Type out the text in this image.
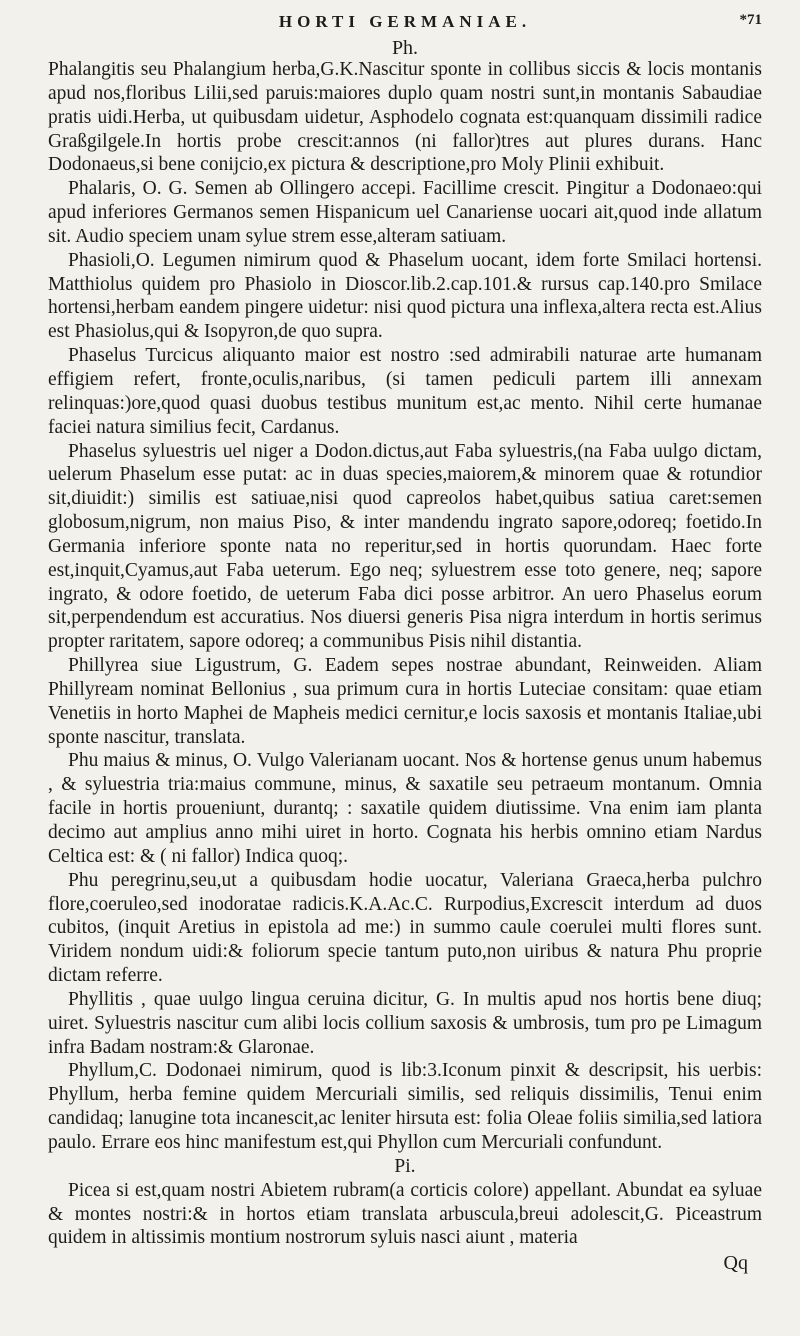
HORTI GERMANIAE.	*71
Ph.

Phalangitis seu Phalangium herba,G.K.Nascitur sponte in collibus siccis & locis montanis apud nos,floribus Lilii,sed paruis:maiores duplo quam nostri sunt,in montanis Sabaudiae pratis uidi.Herba, ut quibusdam uidetur, Asphodelo cognata est:quanquam dissimili radice Graßgilgele.In hortis probe crescit:annos (ni fallor)tres aut plures durans. Hanc Dodonaeus,si bene conijcio,ex pictura & descriptione,pro Moly Plinii exhibuit.

Phalaris, O. G. Semen ab Ollingero accepi. Facillime crescit. Pingitur a Dodonaeo:qui apud inferiores Germanos semen Hispanicum uel Canariense uocari ait,quod inde allatum sit. Audio speciem unam sylue strem esse,alteram satiuam.

Phasioli,O. Legumen nimirum quod & Phaselum uocant, idem forte Smilaci hortensi. Matthiolus quidem pro Phasiolo in Dioscor.lib.2.cap.101.& rursus cap.140.pro Smilace hortensi,herbam eandem pingere uidetur: nisi quod pictura una inflexa,altera recta est.Alius est Phasiolus,qui & Isopyron,de quo supra.

Phaselus Turcicus aliquanto maior est nostro :sed admirabili naturae arte humanam effigiem refert, fronte,oculis,naribus, (si tamen pediculi partem illi annexam relinquas:)ore,quod quasi duobus testibus munitum est,ac mento. Nihil certe humanae faciei natura similius fecit, Cardanus.

Phaselus syluestris uel niger a Dodon.dictus,aut Faba syluestris,(na Faba uulgo dictam, uelerum Phaselum esse putat: ac in duas species,maiorem,& minorem quae & rotundior sit,diuidit:) similis est satiuae,nisi quod capreolos habet,quibus satiua caret:semen globosum,nigrum, non maius Piso, & inter mandendu ingrato sapore,odoreq; foetido.In Germania inferiore sponte nata no reperitur,sed in hortis quorundam. Haec forte est,inquit,Cyamus,aut Faba ueterum. Ego neq; syluestrem esse toto genere, neq; sapore ingrato, & odore foetido, de ueterum Faba dici posse arbitror. An uero Phaselus eorum sit,perpendendum est accuratius. Nos diuersi generis Pisa nigra interdum in hortis serimus propter raritatem, sapore odoreq; a communibus Pisis nihil distantia.

Phillyrea siue Ligustrum, G. Eadem sepes nostrae abundant, Reinweiden. Aliam Phillyream nominat Bellonius , sua primum cura in hortis Luteciae consitam: quae etiam Venetiis in horto Maphei de Mapheis medici cernitur,e locis saxosis et montanis Italiae,ubi sponte nascitur, translata.

Phu maius & minus, O. Vulgo Valerianam uocant. Nos & hortense genus unum habemus , & syluestria tria:maius commune, minus, & saxatile seu petraeum montanum. Omnia facile in hortis proueniunt, durantq; : saxatile quidem diutissime. Vna enim iam planta decimo aut amplius anno mihi uiret in horto. Cognata his herbis omnino etiam Nardus Celtica est: & ( ni fallor) Indica quoq;.

Phu peregrinu,seu,ut a quibusdam hodie uocatur, Valeriana Graeca,herba pulchro flore,coeruleo,sed inodoratae radicis.K.A.Ac.C. Rurpodius,Excrescit interdum ad duos cubitos, (inquit Aretius in epistola ad me:) in summo caule coerulei multi flores sunt. Viridem nondum uidi:& foliorum specie tantum puto,non uiribus & natura Phu proprie dictam referre.

Phyllitis , quae uulgo lingua ceruina dicitur, G. In multis apud nos hortis bene diuq; uiret. Syluestris nascitur cum alibi locis collium saxosis & umbrosis, tum pro pe Limagum infra Badam nostram:& Glaronae.

Phyllum,C. Dodonaei nimirum, quod is lib:3.Iconum pinxit & descripsit, his uerbis: Phyllum, herba femine quidem Mercuriali similis, sed reliquis dissimilis, Tenui enim candidaq; lanugine tota incanescit,ac leniter hirsuta est: folia Oleae foliis similia,sed latiora paulo. Errare eos hinc manifestum est,qui Phyllon cum Mercuriali confundunt.

Pi.

Picea si est,quam nostri Abietem rubram(a corticis colore) appellant. Abundat ea syluae & montes nostri:& in hortos etiam translata arbuscula,breui adolescit,G. Piceastrum quidem in altissimis montium nostrorum syluis nasci aiunt , materia

Qq
